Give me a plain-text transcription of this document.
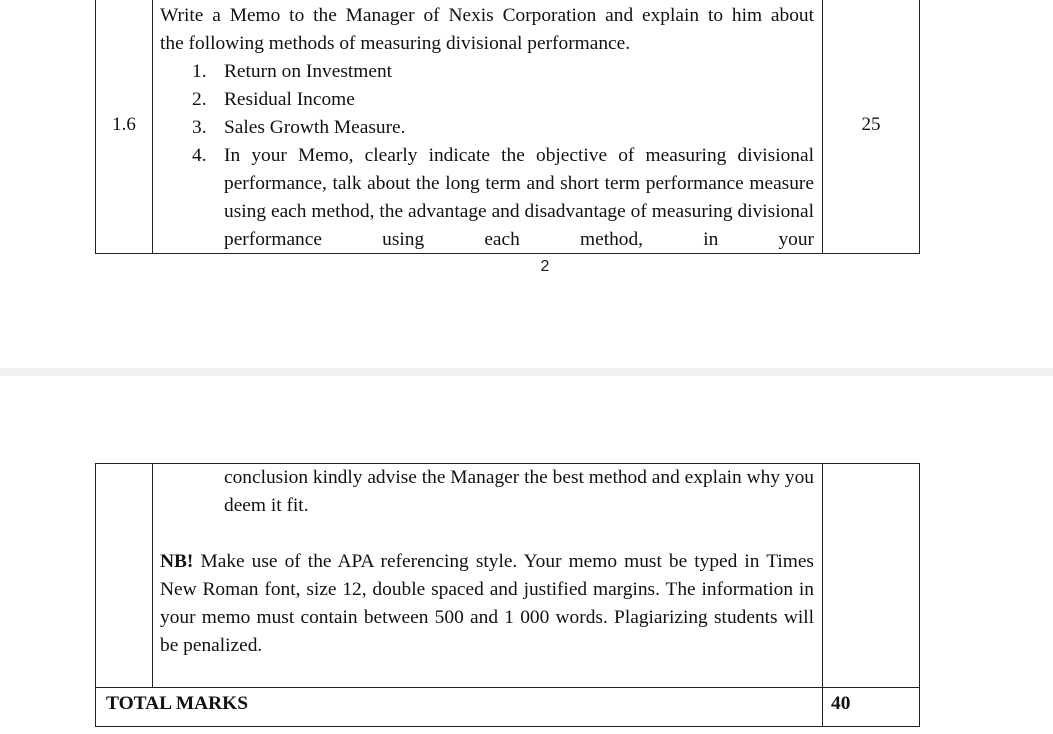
1.6	25
Write a Memo to the Manager of Nexis Corporation and explain to him about
the following methods of measuring divisional performance.
1. Return on Investment
2. Residual Income
3. Sales Growth Measure.
4. In your Memo, clearly indicate the objective of measuring divisional performance, talk about the long term and short term performance measure using each method, the advantage and disadvantage of measuring divisional performance using each method, in your
2
conclusion kindly advise the Manager the best method and explain why you deem it fit.
NB! Make use of the APA referencing style. Your memo must be typed in Times New Roman font, size 12, double spaced and justified margins. The information in your memo must contain between 500 and 1 000 words. Plagiarizing students will be penalized.
TOTAL MARKS	40
